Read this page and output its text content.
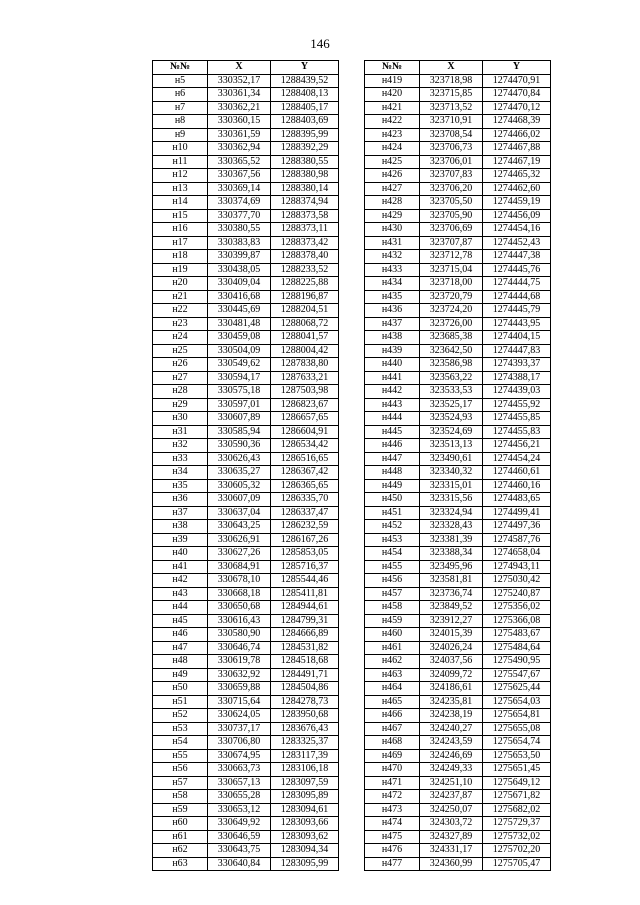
146
№№	X	Y
н5	330352,17	1288439,52
н6	330361,34	1288408,13
н7	330362,21	1288405,17
н8	330360,15	1288403,69
н9	330361,59	1288395,99
н10	330362,94	1288392,29
н11	330365,52	1288380,55
н12	330367,56	1288380,98
н13	330369,14	1288380,14
н14	330374,69	1288374,94
н15	330377,70	1288373,58
н16	330380,55	1288373,11
н17	330383,83	1288373,42
н18	330399,87	1288378,40
н19	330438,05	1288233,52
н20	330409,04	1288225,88
н21	330416,68	1288196,87
н22	330445,69	1288204,51
н23	330481,48	1288068,72
н24	330459,08	1288041,57
н25	330504,09	1288004,42
н26	330549,62	1287838,80
н27	330594,17	1287633,21
н28	330575,18	1287503,98
н29	330597,01	1286823,67
н30	330607,89	1286657,65
н31	330585,94	1286604,91
н32	330590,36	1286534,42
н33	330626,43	1286516,65
н34	330635,27	1286367,42
н35	330605,32	1286365,65
н36	330607,09	1286335,70
н37	330637,04	1286337,47
н38	330643,25	1286232,59
н39	330626,91	1286167,26
н40	330627,26	1285853,05
н41	330684,91	1285716,37
н42	330678,10	1285544,46
н43	330668,18	1285411,81
н44	330650,68	1284944,61
н45	330616,43	1284799,31
н46	330580,90	1284666,89
н47	330646,74	1284531,82
н48	330619,78	1284518,68
н49	330632,92	1284491,71
н50	330659,88	1284504,86
н51	330715,64	1284278,73
н52	330624,05	1283950,68
н53	330737,17	1283676,43
н54	330706,80	1283325,37
н55	330674,95	1283117,39
н56	330663,73	1283106,18
н57	330657,13	1283097,59
н58	330655,28	1283095,89
н59	330653,12	1283094,61
н60	330649,92	1283093,66
н61	330646,59	1283093,62
н62	330643,75	1283094,34
н63	330640,84	1283095,99
№№	X	Y
н419	323718,98	1274470,91
н420	323715,85	1274470,84
н421	323713,52	1274470,12
н422	323710,91	1274468,39
н423	323708,54	1274466,02
н424	323706,73	1274467,88
н425	323706,01	1274467,19
н426	323707,83	1274465,32
н427	323706,20	1274462,60
н428	323705,50	1274459,19
н429	323705,90	1274456,09
н430	323706,69	1274454,16
н431	323707,87	1274452,43
н432	323712,78	1274447,38
н433	323715,04	1274445,76
н434	323718,00	1274444,75
н435	323720,79	1274444,68
н436	323724,20	1274445,79
н437	323726,00	1274443,95
н438	323685,38	1274404,15
н439	323642,50	1274447,83
н440	323586,98	1274393,37
н441	323563,22	1274388,17
н442	323533,53	1274439,03
н443	323525,17	1274455,92
н444	323524,93	1274455,85
н445	323524,69	1274455,83
н446	323513,13	1274456,21
н447	323490,61	1274454,24
н448	323340,32	1274460,61
н449	323315,01	1274460,16
н450	323315,56	1274483,65
н451	323324,94	1274499,41
н452	323328,43	1274497,36
н453	323381,39	1274587,76
н454	323388,34	1274658,04
н455	323495,96	1274943,11
н456	323581,81	1275030,42
н457	323736,74	1275240,87
н458	323849,52	1275356,02
н459	323912,27	1275366,08
н460	324015,39	1275483,67
н461	324026,24	1275484,64
н462	324037,56	1275490,95
н463	324099,72	1275547,67
н464	324186,61	1275625,44
н465	324235,81	1275654,03
н466	324238,19	1275654,81
н467	324240,27	1275655,08
н468	324243,59	1275654,74
н469	324246,69	1275653,50
н470	324249,33	1275651,45
н471	324251,10	1275649,12
н472	324237,87	1275671,82
н473	324250,07	1275682,02
н474	324303,72	1275729,37
н475	324327,89	1275732,02
н476	324331,17	1275702,20
н477	324360,99	1275705,47
